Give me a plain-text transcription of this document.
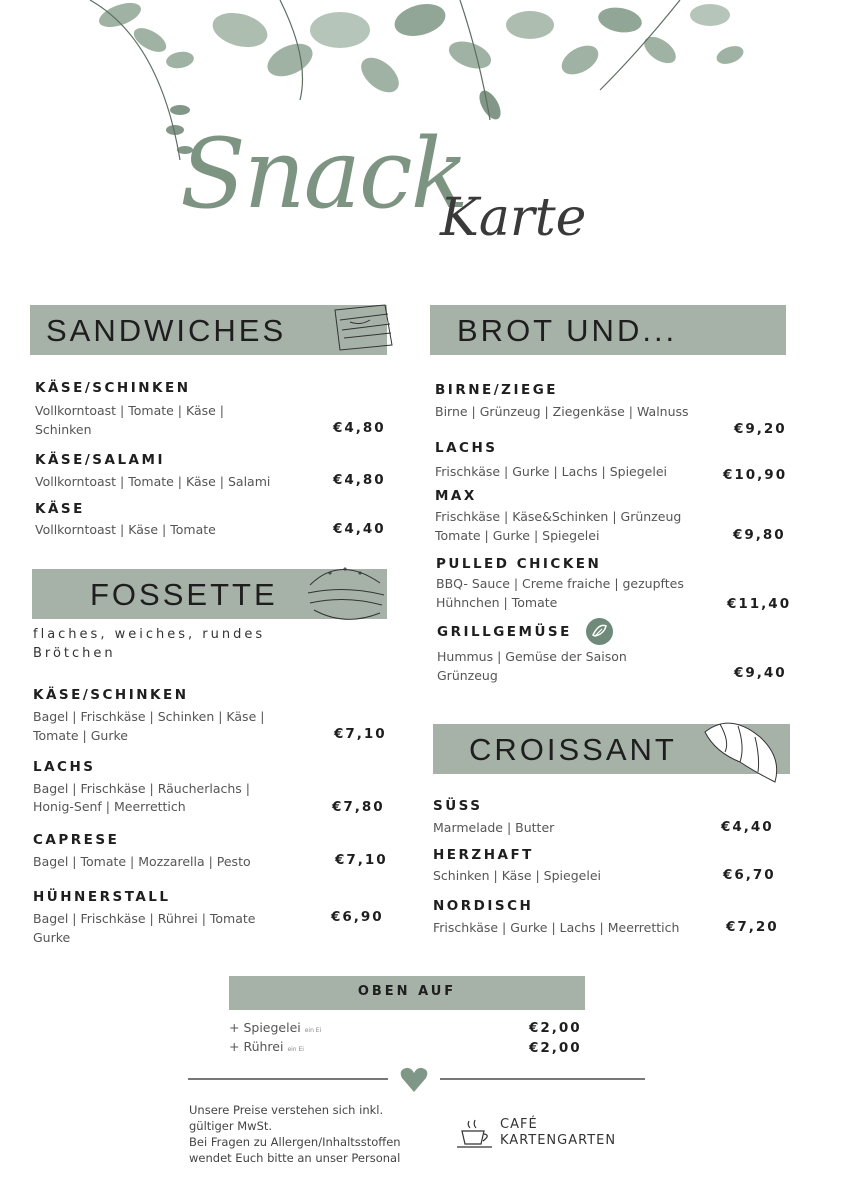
Snack
Karte
SANDWICHES
KÄSE/SCHINKEN
Vollkorntoast | Tomate | Käse |
Schinken	€4,80
KÄSE/SALAMI
Vollkorntoast | Tomate | Käse | Salami	€4,80
KÄSE
Vollkorntoast | Käse | Tomate	€4,40
FOSSETTE
flaches, weiches, rundes
Brötchen
KÄSE/SCHINKEN
Bagel | Frischkäse | Schinken | Käse |
Tomate | Gurke	€7,10
LACHS
Bagel | Frischkäse | Räucherlachs |
Honig-Senf | Meerrettich	€7,80
CAPRESE
Bagel | Tomate | Mozzarella | Pesto	€7,10
HÜHNERSTALL
Bagel | Frischkäse | Rührei | Tomate
Gurke
€6,90
BROT UND...
BIRNE/ZIEGE
Birne | Grünzeug | Ziegenkäse | Walnuss
€9,20
LACHS
Frischkäse | Gurke | Lachs | Spiegelei	€10,90
MAX
Frischkäse | Käse&Schinken | Grünzeug
Tomate | Gurke | Spiegelei	€9,80
PULLED CHICKEN
BBQ- Sauce | Creme fraiche | gezupftes
Hühnchen | Tomate	€11,40
GRILLGEMÜSE
Hummus | Gemüse der Saison
Grünzeug	€9,40
CROISSANT
SÜSS
Marmelade | Butter	€4,40
HERZHAFT
Schinken | Käse | Spiegelei	€6,70
NORDISCH
Frischkäse | Gurke | Lachs | Meerrettich	€7,20
OBEN AUF
+ Spiegelei ein Ei	€2,00
+ Rührei ein Ei	€2,00
Unsere Preise verstehen sich inkl.
gültiger MwSt.
Bei Fragen zu Allergen/Inhaltsstoffen
wendet Euch bitte an unser Personal
CAFÉ
KARTENGARTEN
